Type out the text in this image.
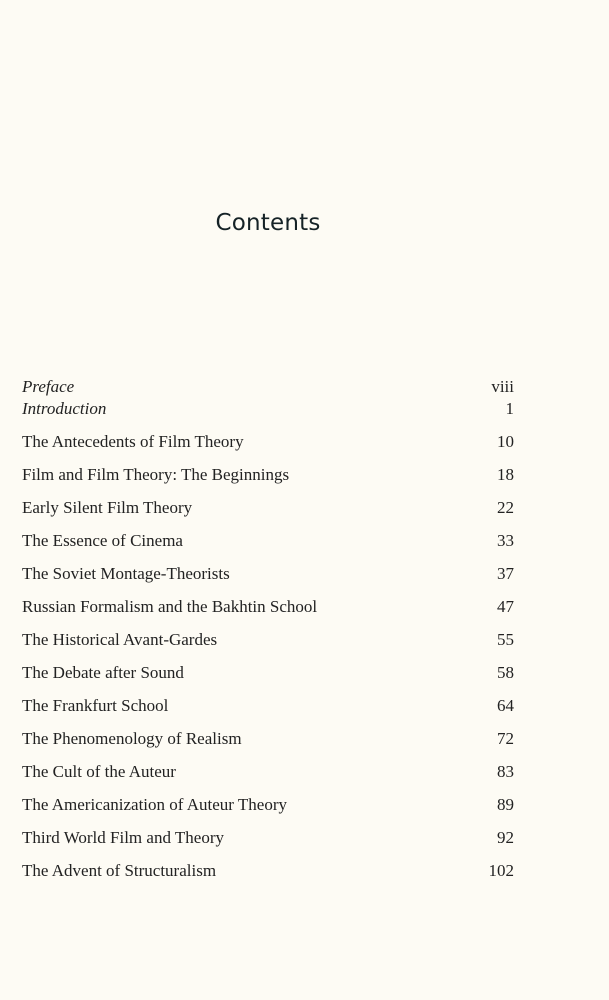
Contents
Preface	viii
Introduction	1
The Antecedents of Film Theory	10
Film and Film Theory: The Beginnings	18
Early Silent Film Theory	22
The Essence of Cinema	33
The Soviet Montage-Theorists	37
Russian Formalism and the Bakhtin School	47
The Historical Avant-Gardes	55
The Debate after Sound	58
The Frankfurt School	64
The Phenomenology of Realism	72
The Cult of the Auteur	83
The Americanization of Auteur Theory	89
Third World Film and Theory	92
The Advent of Structuralism	102
